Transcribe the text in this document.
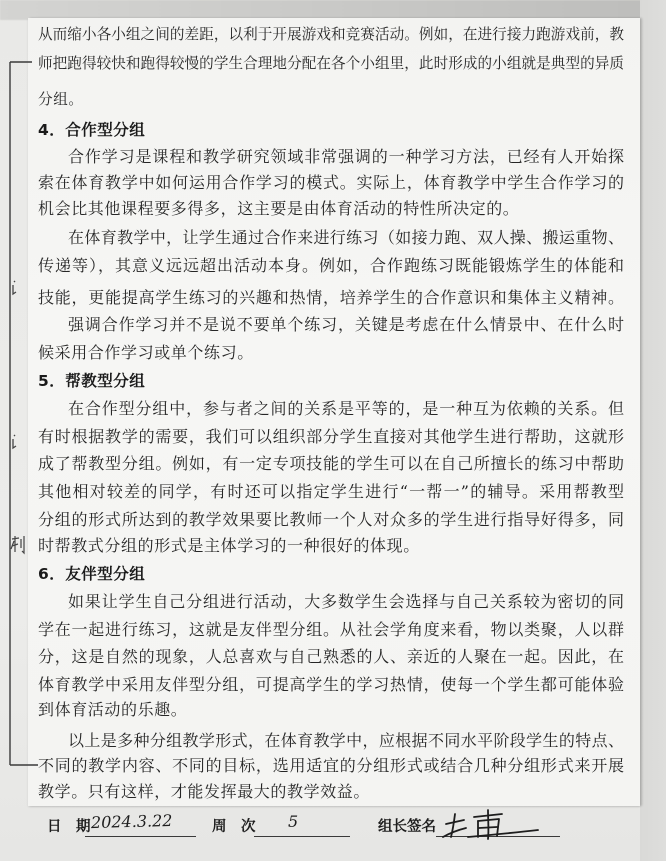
从而缩小各小组之间的差距，以利于开展游戏和竞赛活动。例如，在进行接力跑游戏前，教
师把跑得较快和跑得较慢的学生合理地分配在各个小组里，此时形成的小组就是典型的异质
分组。
4．合作型分组
合作学习是课程和教学研究领域非常强调的一种学习方法，已经有人开始探
索在体育教学中如何运用合作学习的模式。实际上，体育教学中学生合作学习的
机会比其他课程要多得多，这主要是由体育活动的特性所决定的。
在体育教学中，让学生通过合作来进行练习（如接力跑、双人操、搬运重物、
传递等），其意义远远超出活动本身。例如，合作跑练习既能锻炼学生的体能和
技能，更能提高学生练习的兴趣和热情，培养学生的合作意识和集体主义精神。
强调合作学习并不是说不要单个练习，关键是考虑在什么情景中、在什么时
候采用合作学习或单个练习。
5．帮教型分组
在合作型分组中，参与者之间的关系是平等的，是一种互为依赖的关系。但
有时根据教学的需要，我们可以组织部分学生直接对其他学生进行帮助，这就形
成了帮教型分组。例如，有一定专项技能的学生可以在自己所擅长的练习中帮助
其他相对较差的同学，有时还可以指定学生进行“一帮一”的辅导。采用帮教型
分组的形式所达到的教学效果要比教师一个人对众多的学生进行指导好得多，同
时帮教式分组的形式是主体学习的一种很好的体现。
6．友伴型分组
如果让学生自己分组进行活动，大多数学生会选择与自己关系较为密切的同
学在一起进行练习，这就是友伴型分组。从社会学角度来看，物以类聚，人以群
分，这是自然的现象，人总喜欢与自己熟悉的人、亲近的人聚在一起。因此，在
体育教学中采用友伴型分组，可提高学生的学习热情，使每一个学生都可能体验
到体育活动的乐趣。
以上是多种分组教学形式，在体育教学中，应根据不同水平阶段学生的特点、
不同的教学内容、不同的目标，选用适宜的分组形式或结合几种分组形式来开展
教学。只有这样，才能发挥最大的教学效益。
日　期 2024.3.22	周　次 5	组长签名
